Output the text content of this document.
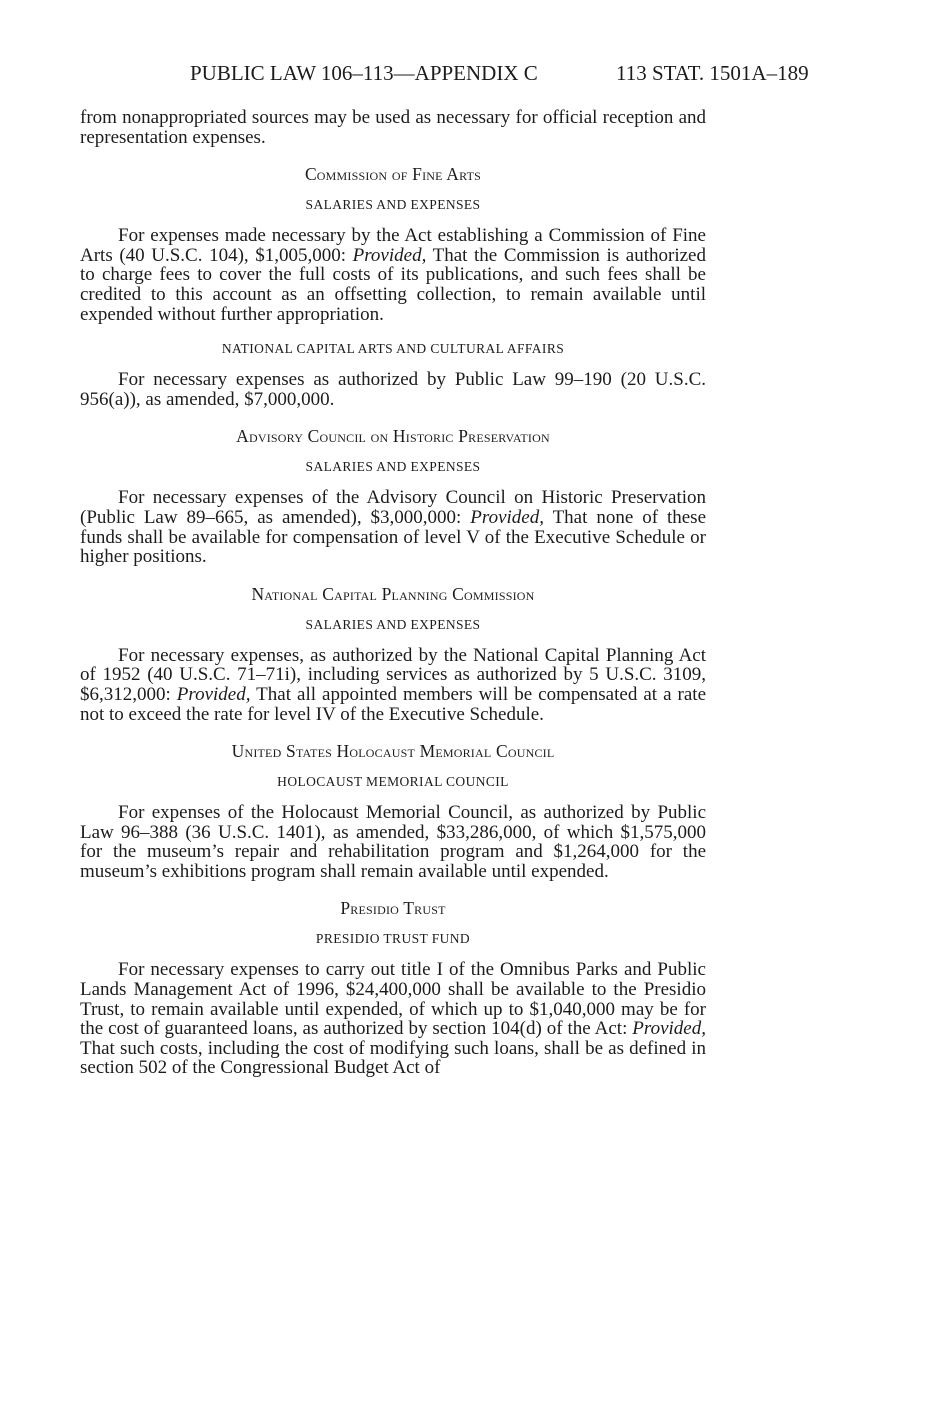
PUBLIC LAW 106–113—APPENDIX C	113 STAT. 1501A–189

from nonappropriated sources may be used as necessary for official reception and representation expenses.

Commission of Fine Arts
SALARIES AND EXPENSES

For expenses made necessary by the Act establishing a Commission of Fine Arts (40 U.S.C. 104), $1,005,000: Provided, That the Commission is authorized to charge fees to cover the full costs of its publications, and such fees shall be credited to this account as an offsetting collection, to remain available until expended without further appropriation.

NATIONAL CAPITAL ARTS AND CULTURAL AFFAIRS

For necessary expenses as authorized by Public Law 99–190 (20 U.S.C. 956(a)), as amended, $7,000,000.

Advisory Council on Historic Preservation
SALARIES AND EXPENSES

For necessary expenses of the Advisory Council on Historic Preservation (Public Law 89–665, as amended), $3,000,000: Provided, That none of these funds shall be available for compensation of level V of the Executive Schedule or higher positions.

National Capital Planning Commission
SALARIES AND EXPENSES

For necessary expenses, as authorized by the National Capital Planning Act of 1952 (40 U.S.C. 71–71i), including services as authorized by 5 U.S.C. 3109, $6,312,000: Provided, That all appointed members will be compensated at a rate not to exceed the rate for level IV of the Executive Schedule.

United States Holocaust Memorial Council
HOLOCAUST MEMORIAL COUNCIL

For expenses of the Holocaust Memorial Council, as authorized by Public Law 96–388 (36 U.S.C. 1401), as amended, $33,286,000, of which $1,575,000 for the museum’s repair and rehabilitation program and $1,264,000 for the museum’s exhibitions program shall remain available until expended.

Presidio Trust
PRESIDIO TRUST FUND

For necessary expenses to carry out title I of the Omnibus Parks and Public Lands Management Act of 1996, $24,400,000 shall be available to the Presidio Trust, to remain available until expended, of which up to $1,040,000 may be for the cost of guaranteed loans, as authorized by section 104(d) of the Act: Provided, That such costs, including the cost of modifying such loans, shall be as defined in section 502 of the Congressional Budget Act of
